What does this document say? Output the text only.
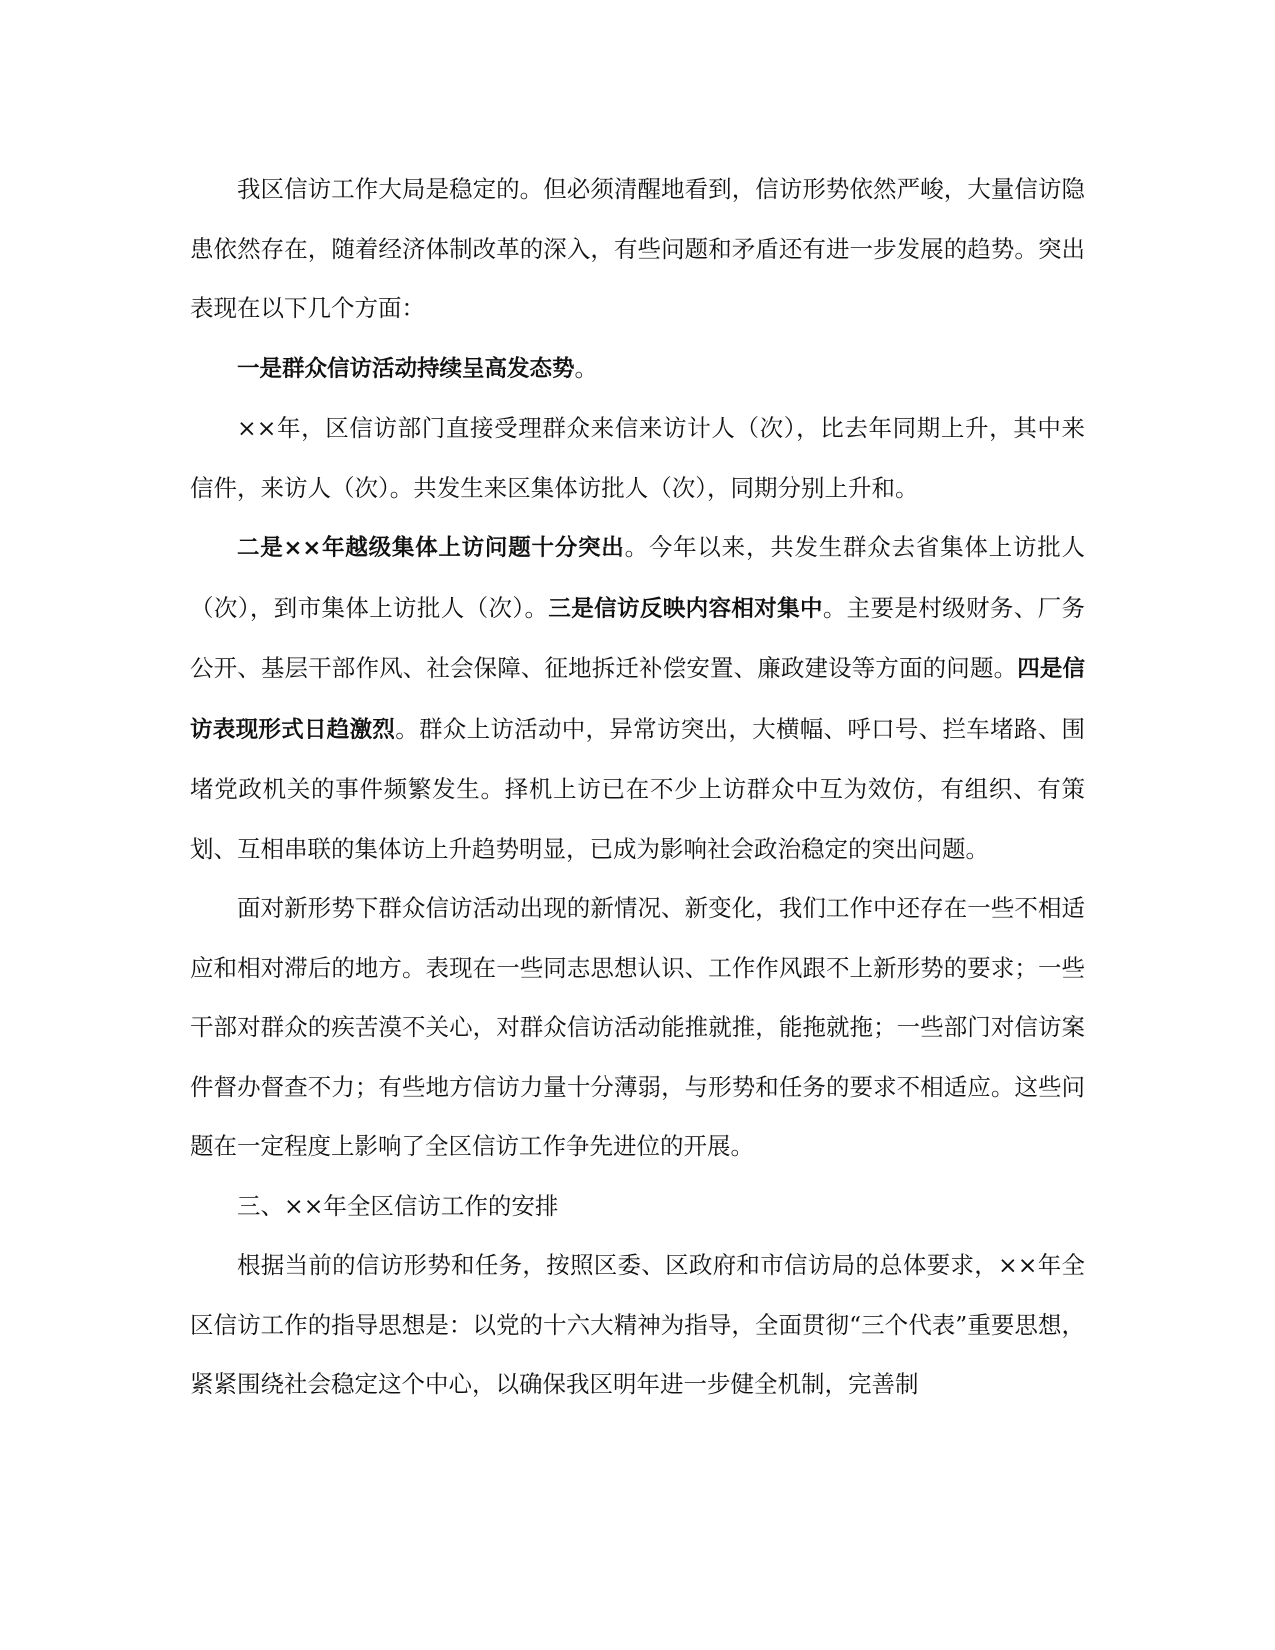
我区信访工作大局是稳定的。但必须清醒地看到，信访形势依然严峻，大量信访隐患依然存在，随着经济体制改革的深入，有些问题和矛盾还有进一步发展的趋势。突出表现在以下几个方面：

一是群众信访活动持续呈高发态势。

××年，区信访部门直接受理群众来信来访计人（次），比去年同期上升，其中来信件，来访人（次）。共发生来区集体访批人（次），同期分别上升和。

二是××年越级集体上访问题十分突出。今年以来，共发生群众去省集体上访批人（次），到市集体上访批人（次）。三是信访反映内容相对集中。主要是村级财务、厂务公开、基层干部作风、社会保障、征地拆迁补偿安置、廉政建设等方面的问题。四是信访表现形式日趋激烈。群众上访活动中，异常访突出，大横幅、呼口号、拦车堵路、围堵党政机关的事件频繁发生。择机上访已在不少上访群众中互为效仿，有组织、有策划、互相串联的集体访上升趋势明显，已成为影响社会政治稳定的突出问题。

面对新形势下群众信访活动出现的新情况、新变化，我们工作中还存在一些不相适应和相对滞后的地方。表现在一些同志思想认识、工作作风跟不上新形势的要求；一些干部对群众的疾苦漠不关心，对群众信访活动能推就推，能拖就拖；一些部门对信访案件督办督查不力；有些地方信访力量十分薄弱，与形势和任务的要求不相适应。这些问题在一定程度上影响了全区信访工作争先进位的开展。

三、××年全区信访工作的安排

根据当前的信访形势和任务，按照区委、区政府和市信访局的总体要求，××年全区信访工作的指导思想是：以党的十六大精神为指导，全面贯彻“三个代表”重要思想，紧紧围绕社会稳定这个中心，以确保我区明年进一步健全机制，完善制
